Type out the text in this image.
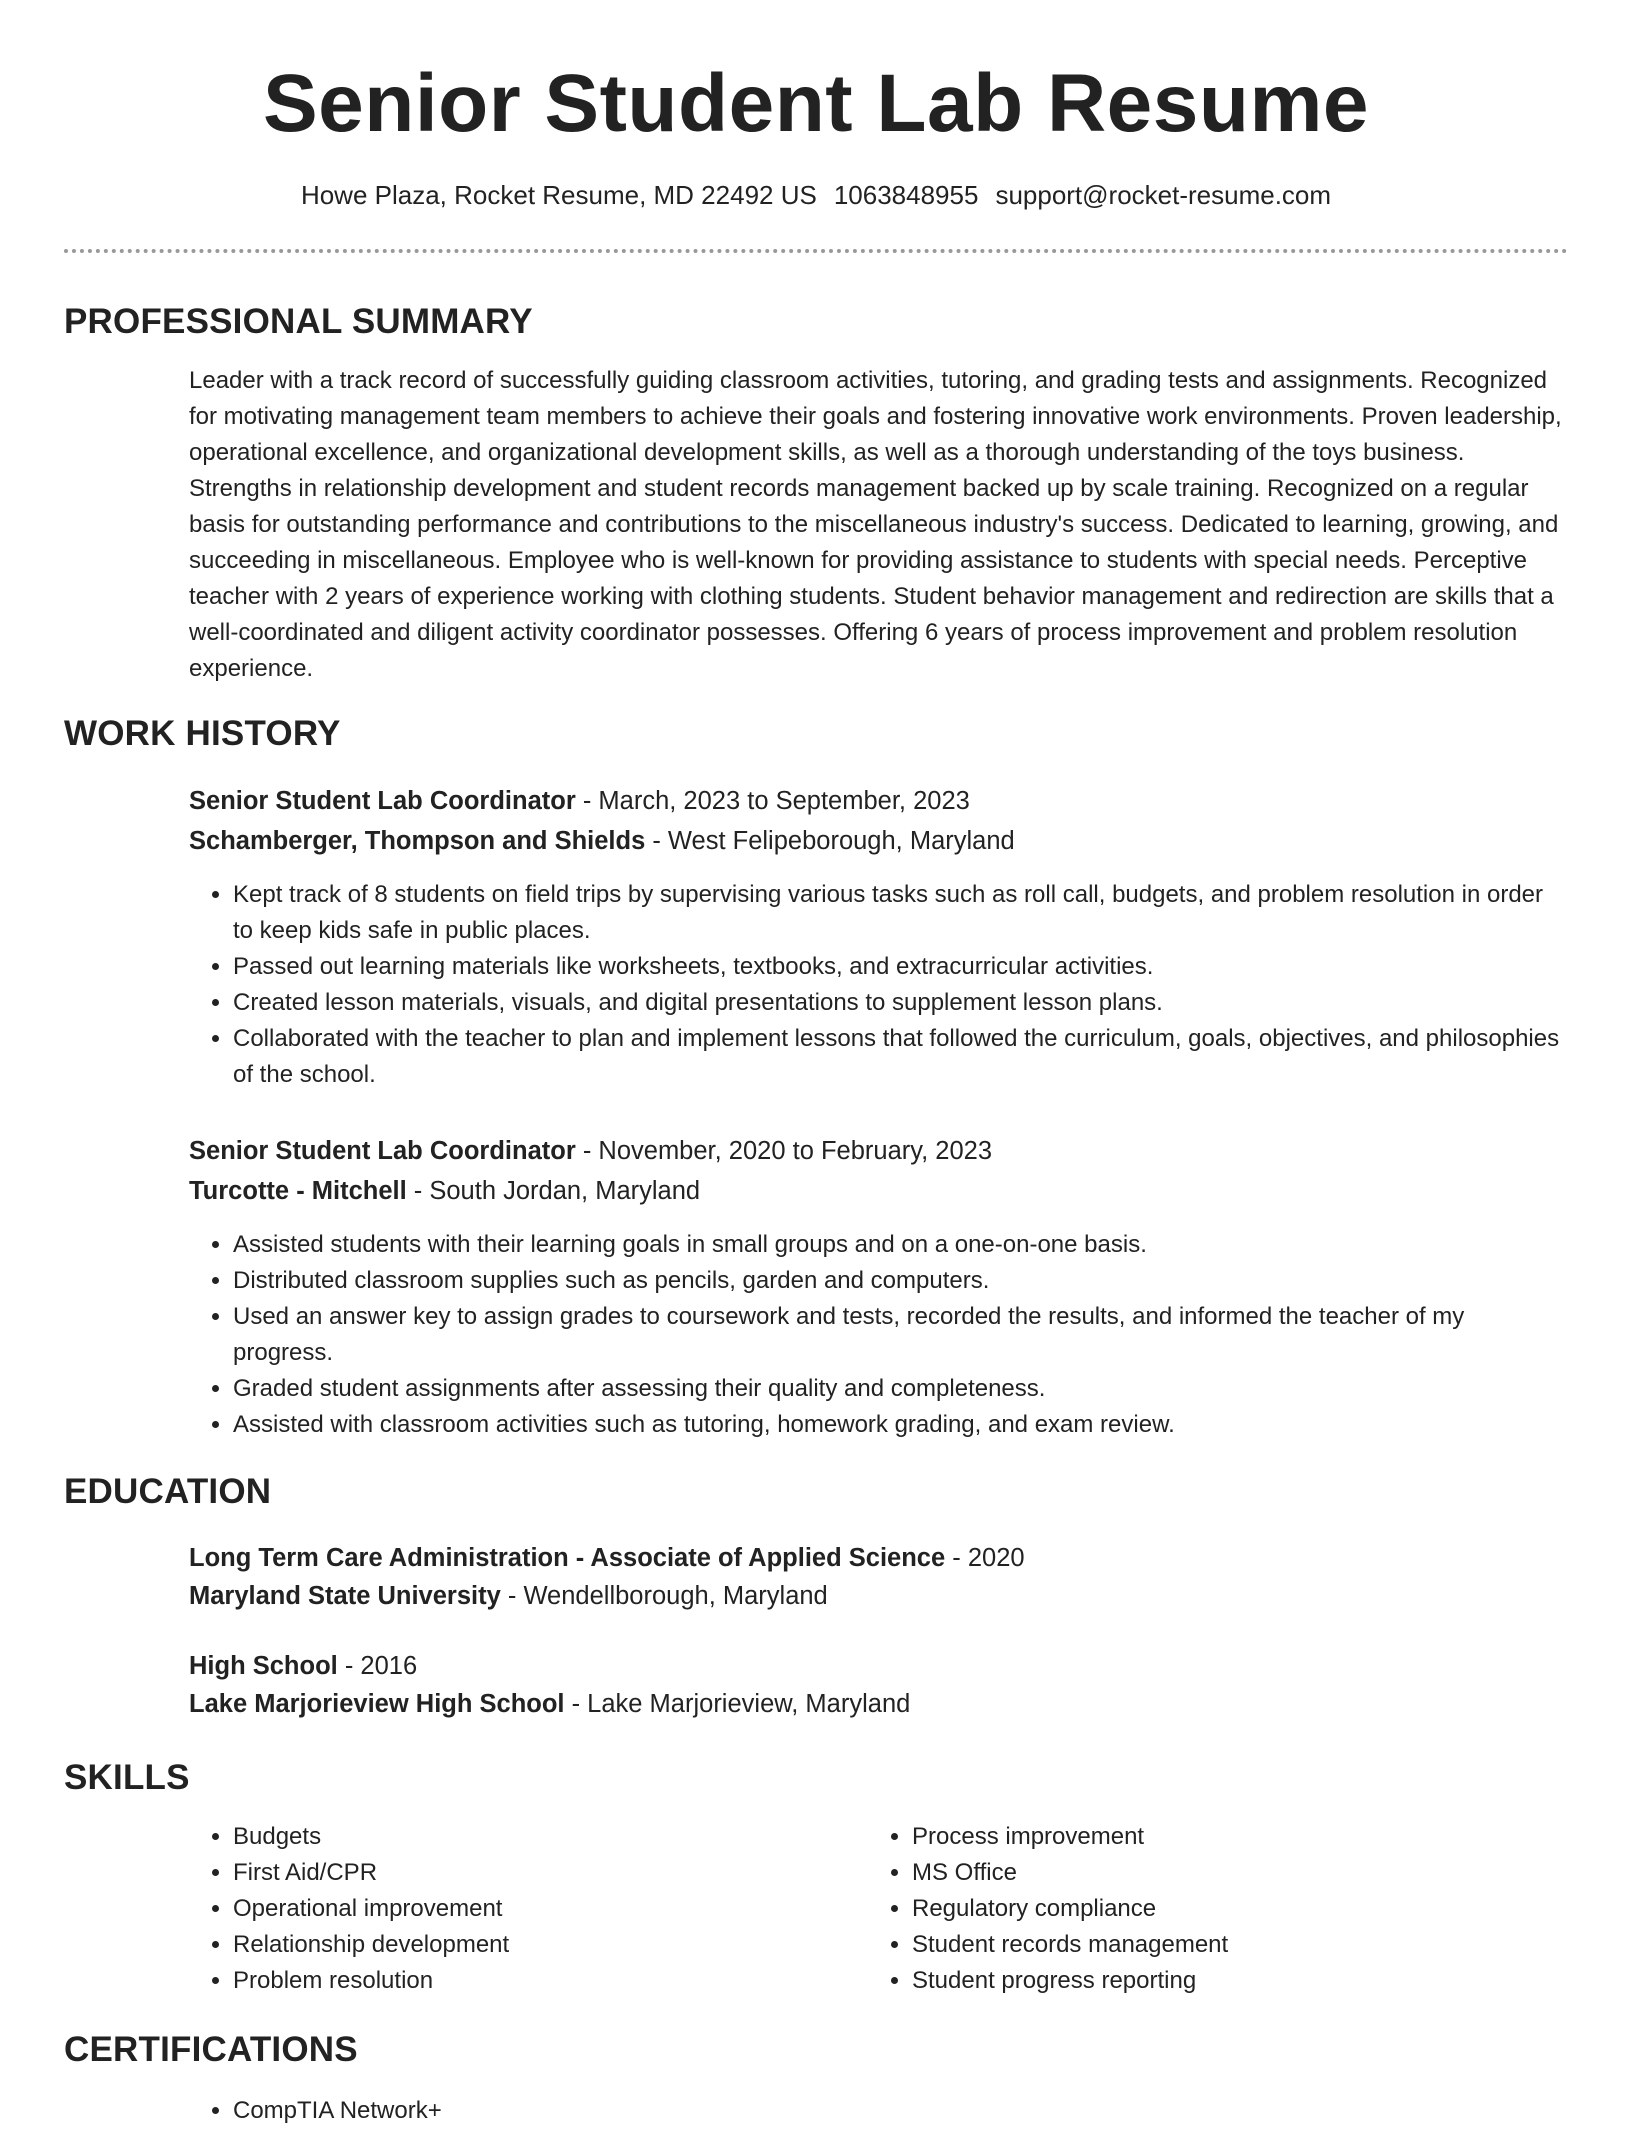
Senior Student Lab Resume
Howe Plaza, Rocket Resume, MD 22492 US 1063848955 support@rocket-resume.com
PROFESSIONAL SUMMARY
Leader with a track record of successfully guiding classroom activities, tutoring, and grading tests and assignments. Recognized for motivating management team members to achieve their goals and fostering innovative work environments. Proven leadership, operational excellence, and organizational development skills, as well as a thorough understanding of the toys business. Strengths in relationship development and student records management backed up by scale training. Recognized on a regular basis for outstanding performance and contributions to the miscellaneous industry's success. Dedicated to learning, growing, and succeeding in miscellaneous. Employee who is well-known for providing assistance to students with special needs. Perceptive teacher with 2 years of experience working with clothing students. Student behavior management and redirection are skills that a well-coordinated and diligent activity coordinator possesses. Offering 6 years of process improvement and problem resolution experience.
WORK HISTORY
Senior Student Lab Coordinator - March, 2023 to September, 2023
Schamberger, Thompson and Shields - West Felipeborough, Maryland
• Kept track of 8 students on field trips by supervising various tasks such as roll call, budgets, and problem resolution in order to keep kids safe in public places.
• Passed out learning materials like worksheets, textbooks, and extracurricular activities.
• Created lesson materials, visuals, and digital presentations to supplement lesson plans.
• Collaborated with the teacher to plan and implement lessons that followed the curriculum, goals, objectives, and philosophies of the school.
Senior Student Lab Coordinator - November, 2020 to February, 2023
Turcotte - Mitchell - South Jordan, Maryland
• Assisted students with their learning goals in small groups and on a one-on-one basis.
• Distributed classroom supplies such as pencils, garden and computers.
• Used an answer key to assign grades to coursework and tests, recorded the results, and informed the teacher of my progress.
• Graded student assignments after assessing their quality and completeness.
• Assisted with classroom activities such as tutoring, homework grading, and exam review.
EDUCATION
Long Term Care Administration - Associate of Applied Science - 2020
Maryland State University - Wendellborough, Maryland
High School - 2016
Lake Marjorieview High School - Lake Marjorieview, Maryland
SKILLS
• Budgets
• First Aid/CPR
• Operational improvement
• Relationship development
• Problem resolution
• Process improvement
• MS Office
• Regulatory compliance
• Student records management
• Student progress reporting
CERTIFICATIONS
• CompTIA Network+
